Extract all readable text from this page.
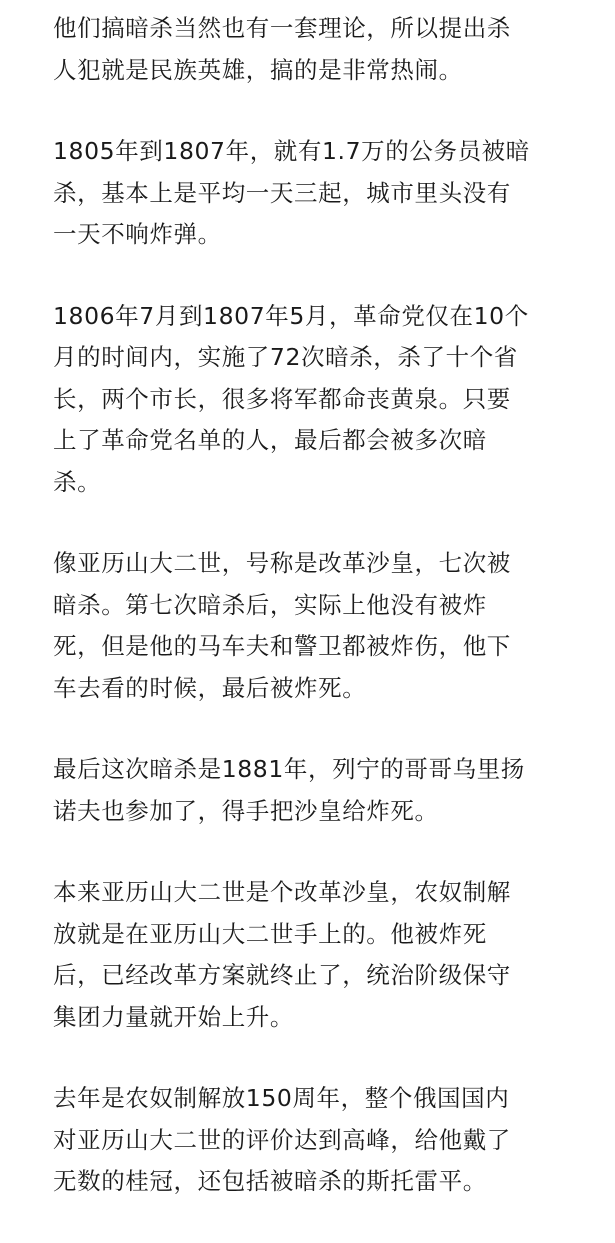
他们搞暗杀当然也有一套理论，所以提出杀
人犯就是民族英雄，搞的是非常热闹。

1805年到1807年，就有1.7万的公务员被暗
杀，基本上是平均一天三起，城市里头没有
一天不响炸弹。

1806年7月到1807年5月，革命党仅在10个
月的时间内，实施了72次暗杀，杀了十个省
长，两个市长，很多将军都命丧黄泉。只要
上了革命党名单的人，最后都会被多次暗
杀。

像亚历山大二世，号称是改革沙皇，七次被
暗杀。第七次暗杀后，实际上他没有被炸
死，但是他的马车夫和警卫都被炸伤，他下
车去看的时候，最后被炸死。

最后这次暗杀是1881年，列宁的哥哥乌里扬
诺夫也参加了，得手把沙皇给炸死。

本来亚历山大二世是个改革沙皇，农奴制解
放就是在亚历山大二世手上的。他被炸死
后，已经改革方案就终止了，统治阶级保守
集团力量就开始上升。

去年是农奴制解放150周年，整个俄国国内
对亚历山大二世的评价达到高峰，给他戴了
无数的桂冠，还包括被暗杀的斯托雷平。
